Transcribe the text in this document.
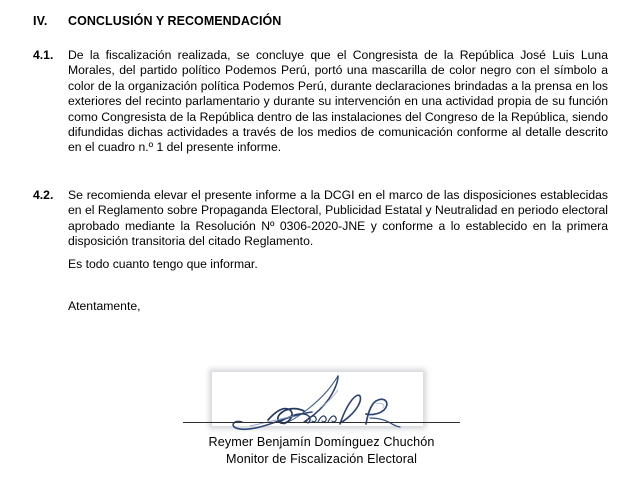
IV.	CONCLUSIÓN Y RECOMENDACIÓN
4.1.	De la fiscalización realizada, se concluye que el Congresista de la República José Luis Luna Morales, del partido político Podemos Perú, portó una mascarilla de color negro con el símbolo a color de la organización política Podemos Perú, durante declaraciones brindadas a la prensa en los exteriores del recinto parlamentario y durante su intervención en una actividad propia de su función como Congresista de la República dentro de las instalaciones del Congreso de la República, siendo difundidas dichas actividades a través de los medios de comunicación conforme al detalle descrito en el cuadro n.º 1 del presente informe.
4.2.	Se recomienda elevar el presente informe a la DCGI en el marco de las disposiciones establecidas en el Reglamento sobre Propaganda Electoral, Publicidad Estatal y Neutralidad en periodo electoral aprobado mediante la Resolución Nº 0306-2020-JNE y conforme a lo establecido en la primera disposición transitoria del citado Reglamento.
Es todo cuanto tengo que informar.
Atentamente,
Reymer Benjamín Domínguez Chuchón
Monitor de Fiscalización Electoral
